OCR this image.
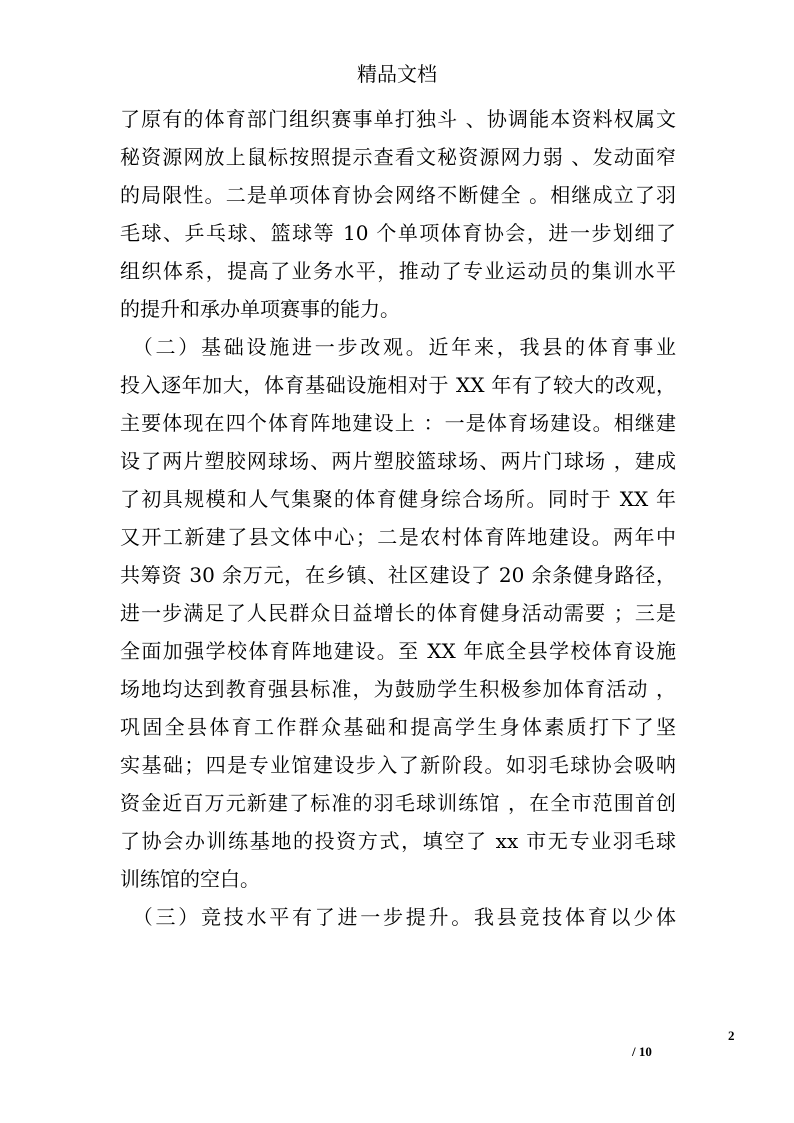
精品文档
了原有的体育部门组织赛事单打独斗 、协调能本资料权属文
秘资源网放上鼠标按照提示查看文秘资源网力弱 、发动面窄
的局限性。二是单项体育协会网络不断健全 。相继成立了羽
毛球、乒乓球、篮球等 10 个单项体育协会，进一步划细了
组织体系，提高了业务水平，推动了专业运动员的集训水平
的提升和承办单项赛事的能力。
　（二）基础设施进一步改观。近年来，我县的体育事业
投入逐年加大，体育基础设施相对于 XX 年有了较大的改观，
主要体现在四个体育阵地建设上 ：一是体育场建设。相继建
设了两片塑胶网球场、两片塑胶篮球场、两片门球场 ，建成
了初具规模和人气集聚的体育健身综合场所。同时于 XX 年
又开工新建了县文体中心；二是农村体育阵地建设。两年中
共筹资 30 余万元，在乡镇、社区建设了 20 余条健身路径，
进一步满足了人民群众日益增长的体育健身活动需要 ；三是
全面加强学校体育阵地建设。至 XX 年底全县学校体育设施
场地均达到教育强县标准，为鼓励学生积极参加体育活动 ，
巩固全县体育工作群众基础和提高学生身体素质打下了坚
实基础；四是专业馆建设步入了新阶段。如羽毛球协会吸呐
资金近百万元新建了标准的羽毛球训练馆 ，在全市范围首创
了协会办训练基地的投资方式，填空了 xx 市无专业羽毛球
训练馆的空白。
　（三）竞技水平有了进一步提升。我县竞技体育以少体
2
/ 10
